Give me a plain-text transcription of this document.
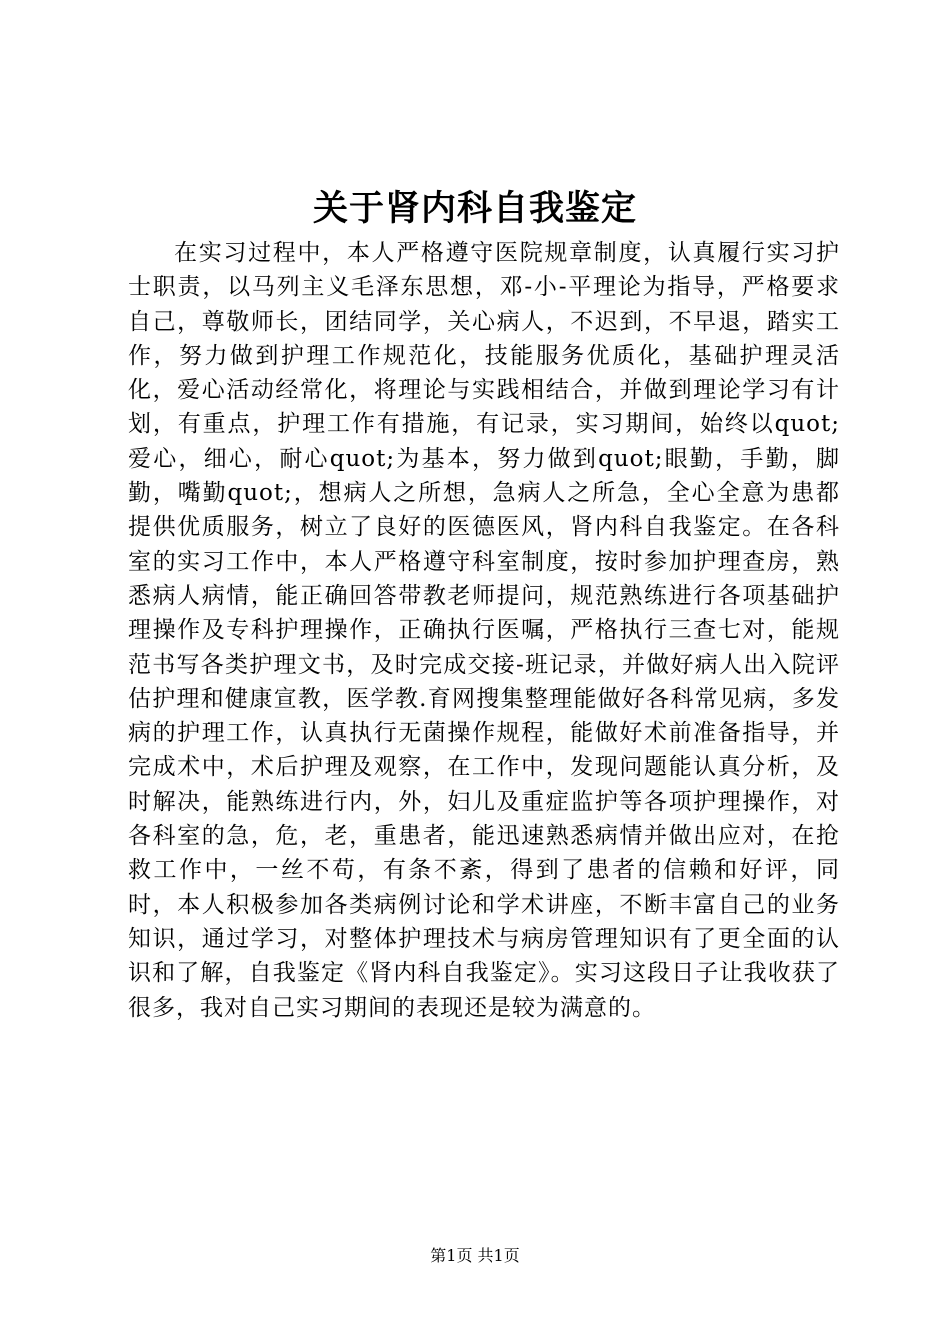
关于肾内科自我鉴定

在实习过程中，本人严格遵守医院规章制度，认真履行实习护士职责，以马列主义毛泽东思想，邓-小-平理论为指导，严格要求自己，尊敬师长，团结同学，关心病人，不迟到，不早退，踏实工作，努力做到护理工作规范化，技能服务优质化，基础护理灵活化，爱心活动经常化，将理论与实践相结合，并做到理论学习有计划，有重点，护理工作有措施，有记录，实习期间，始终以quot;爱心，细心，耐心quot;为基本，努力做到quot;眼勤，手勤，脚勤，嘴勤quot;，想病人之所想，急病人之所急，全心全意为患都提供优质服务，树立了良好的医德医风，肾内科自我鉴定。在各科室的实习工作中，本人严格遵守科室制度，按时参加护理查房，熟悉病人病情，能正确回答带教老师提问，规范熟练进行各项基础护理操作及专科护理操作，正确执行医嘱，严格执行三查七对，能规范书写各类护理文书，及时完成交接-班记录，并做好病人出入院评估护理和健康宣教，医学教.育网搜集整理能做好各科常见病，多发病的护理工作，认真执行无菌操作规程，能做好术前准备指导，并完成术中，术后护理及观察，在工作中，发现问题能认真分析，及时解决，能熟练进行内，外，妇儿及重症监护等各项护理操作，对各科室的急，危，老，重患者，能迅速熟悉病情并做出应对，在抢救工作中，一丝不苟，有条不紊，得到了患者的信赖和好评，同时，本人积极参加各类病例讨论和学术讲座，不断丰富自己的业务知识，通过学习，对整体护理技术与病房管理知识有了更全面的认识和了解，自我鉴定《肾内科自我鉴定》。实习这段日子让我收获了很多，我对自己实习期间的表现还是较为满意的。

第1页 共1页
